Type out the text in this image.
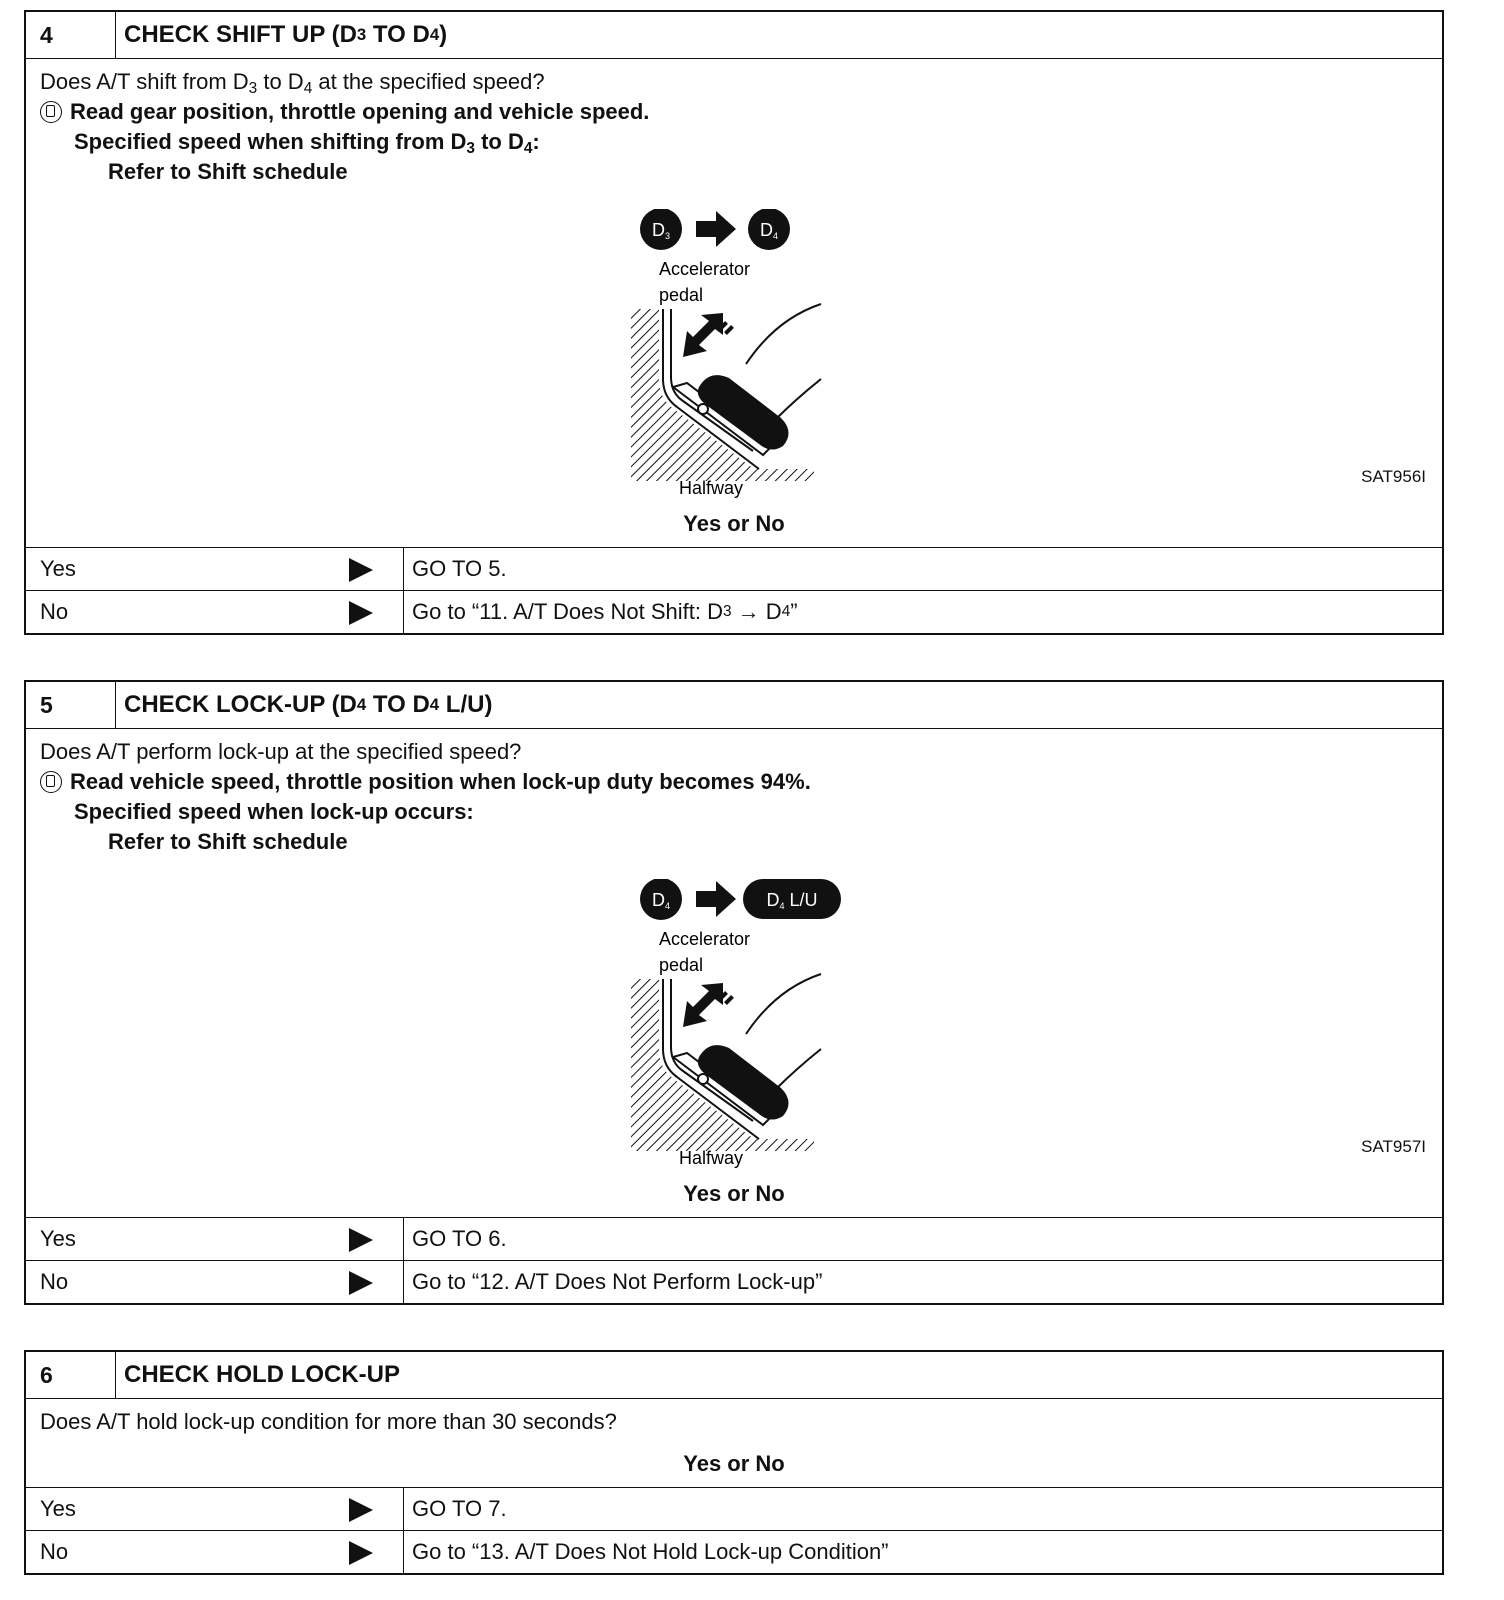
4	CHECK SHIFT UP (D 3 TO D 4 )
Does A/T shift from $D_3$ to $D_4$ at the specified speed?
Read gear position, throttle opening and vehicle speed.
Specified speed when shifting from $D_3$ to $D_4$:
Refer to Shift schedule
D3	D4
Accelerator
pedal
Halfway
SAT956I
Yes or No
Yes	GO TO 5.
No	Go to “11. A/T Does Not Shift: D 3 → D 4 ”
5	CHECK LOCK-UP (D 4 TO D 4 L/U)
Does A/T perform lock-up at the specified speed?
Read vehicle speed, throttle position when lock-up duty becomes 94%.
Specified speed when lock-up occurs:
Refer to Shift schedule
D4	D4 L/U
Accelerator
pedal
Halfway
SAT957I
Yes or No
Yes	GO TO 6.
No	Go to “12. A/T Does Not Perform Lock-up”
6	CHECK HOLD LOCK-UP
Does A/T hold lock-up condition for more than 30 seconds?
Yes or No
Yes	GO TO 7.
No	Go to “13. A/T Does Not Hold Lock-up Condition”
